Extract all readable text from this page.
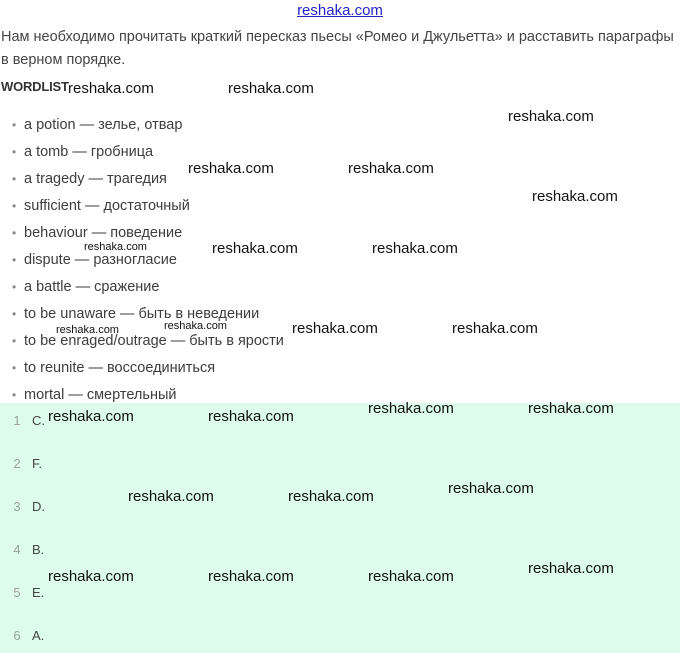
reshaka.com
Нам необходимо прочитать краткий пересказ пьесы «Ромео и Джульетта» и расставить параграфы в верном порядке.
WORDLIST
• a potion — зелье, отвар
• a tomb — гробница
• a tragedy — трагедия
• sufficient — достаточный
• behaviour — поведение
• dispute — разногласие
• a battle — сражение
• to be unaware — быть в неведении
• to be enraged/outrage — быть в ярости
• to reunite — воссоединиться
• mortal — смертельный
1 C.
2 F.
3 D.
4 B.
5 E.
6 A.
reshaka.com	reshaka.com
reshaka.com
reshaka.com	reshaka.com
reshaka.com
reshaka.com	reshaka.com	reshaka.com
reshaka.com	reshaka.com	reshaka.com	reshaka.com
reshaka.com	reshaka.com
reshaka.com	reshaka.com
reshaka.com
reshaka.com	reshaka.com
reshaka.com
reshaka.com	reshaka.com	reshaka.com
